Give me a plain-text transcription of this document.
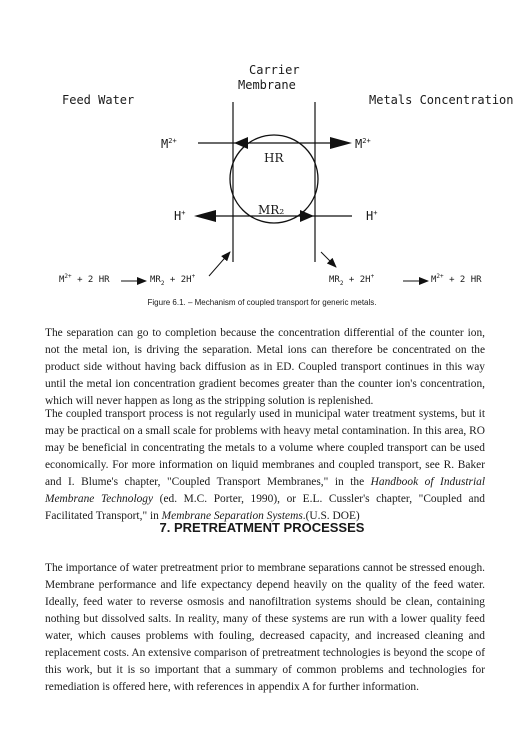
Carrier
Membrane
Feed Water	Metals Concentration
$M^{2+}$	$M^{2+}$
HR
MR₂
H+	H+
$M^{2+} + 2$ HR	$MR_2 + 2H^+$	$MR_2 + 2H^+$	$M^{2+} + 2$ HR
Figure 6.1. – Mechanism of coupled transport for generic metals.

The separation can go to completion because the concentration differential of the counter ion, not the metal ion, is driving the separation. Metal ions can therefore be concentrated on the product side without having back diffusion as in ED. Coupled transport continues in this way until the metal ion concentration gradient becomes greater than the counter ion's concentration, which will never happen as long as the stripping solution is replenished.

The coupled transport process is not regularly used in municipal water treatment systems, but it may be practical on a small scale for problems with heavy metal contamination. In this area, RO may be beneficial in concentrating the metals to a volume where coupled transport can be used economically. For more information on liquid membranes and coupled transport, see R. Baker and I. Blume's chapter, "Coupled Transport Membranes," in the Handbook of Industrial Membrane Technology (ed. M.C. Porter, 1990), or E.L. Cussler's chapter, "Coupled and Facilitated Transport," in Membrane Separation Systems.(U.S. DOE)

7. PRETREATMENT PROCESSES

The importance of water pretreatment prior to membrane separations cannot be stressed enough. Membrane performance and life expectancy depend heavily on the quality of the feed water. Ideally, feed water to reverse osmosis and nanofiltration systems should be clean, containing nothing but dissolved salts. In reality, many of these systems are run with a lower quality feed water, which causes problems with fouling, decreased capacity, and increased cleaning and replacement costs. An extensive comparison of pretreatment technologies is beyond the scope of this work, but it is so important that a summary of common problems and technologies for remediation is offered here, with references in appendix A for further information.
